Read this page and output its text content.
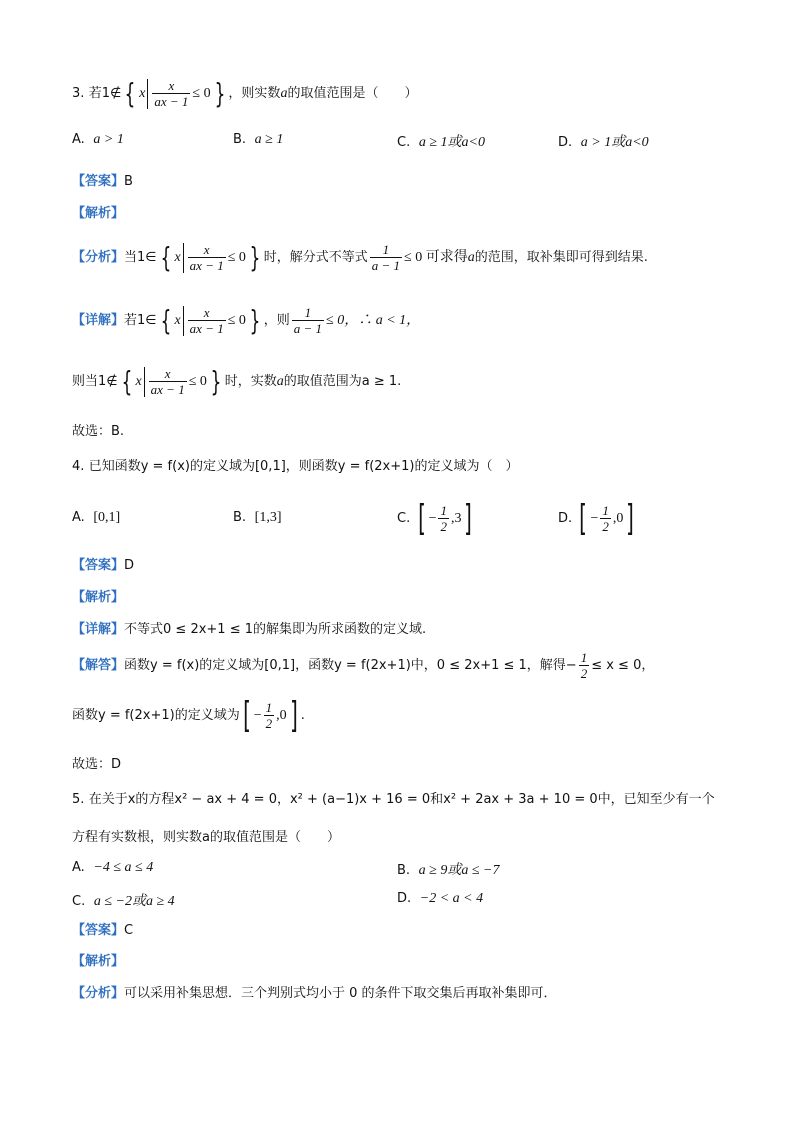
3. 若1∉ { x $\frac{x}{ax - 1} \le 0$ } ，则实数a的取值范围是（　　）
A. a > 1	B. a ≥ 1	C. a ≥ 1或a<0	D. a > 1或a<0
【答案】B
【解析】
【分析】当1∈ { x $\frac{x}{ax - 1} \le 0$ } 时，解分式不等式 $\frac{1}{a - 1} \le 0$ 可求得a的范围，取补集即可得到结果.
【详解】若1∈ { x $\frac{x}{ax - 1} \le 0$ } ，则 $\frac{1}{a - 1} \le 0$，∴ a < 1，
则当1∉ { x $\frac{x}{ax - 1} \le 0$ } 时，实数a的取值范围为a ≥ 1.
故选：B.
4. 已知函数y = f(x)的定义域为[0,1]，则函数y = f(2x+1)的定义域为（　）
A. [0,1]	B. [1,3]	C. [ − $\frac{1}{2} ,3$]	D. [ − $\frac{1}{2} ,0$]
【答案】D
【解析】
【详解】不等式0 ≤ 2x+1 ≤ 1的解集即为所求函数的定义域.
【解答】函数y = f(x)的定义域为[0,1]，函数y = f(2x+1)中，0 ≤ 2x+1 ≤ 1，解得− $\frac{1}{2} \le x \le 0$，
函数y = f(2x+1)的定义域为[ − $\frac{1}{2} ,0$] .
故选：D
5. 在关于x的方程x² − ax + 4 = 0，x² + (a−1)x + 16 = 0和x² + 2ax + 3a + 10 = 0中，已知至少有一个
方程有实数根，则实数a的取值范围是（　　）
A. −4 ≤ a ≤ 4	B. a ≥ 9或a ≤ −7
C. a ≤ −2或a ≥ 4	D. −2 < a < 4
【答案】C
【解析】
【分析】可以采用补集思想．三个判别式均小于 0 的条件下取交集后再取补集即可．
